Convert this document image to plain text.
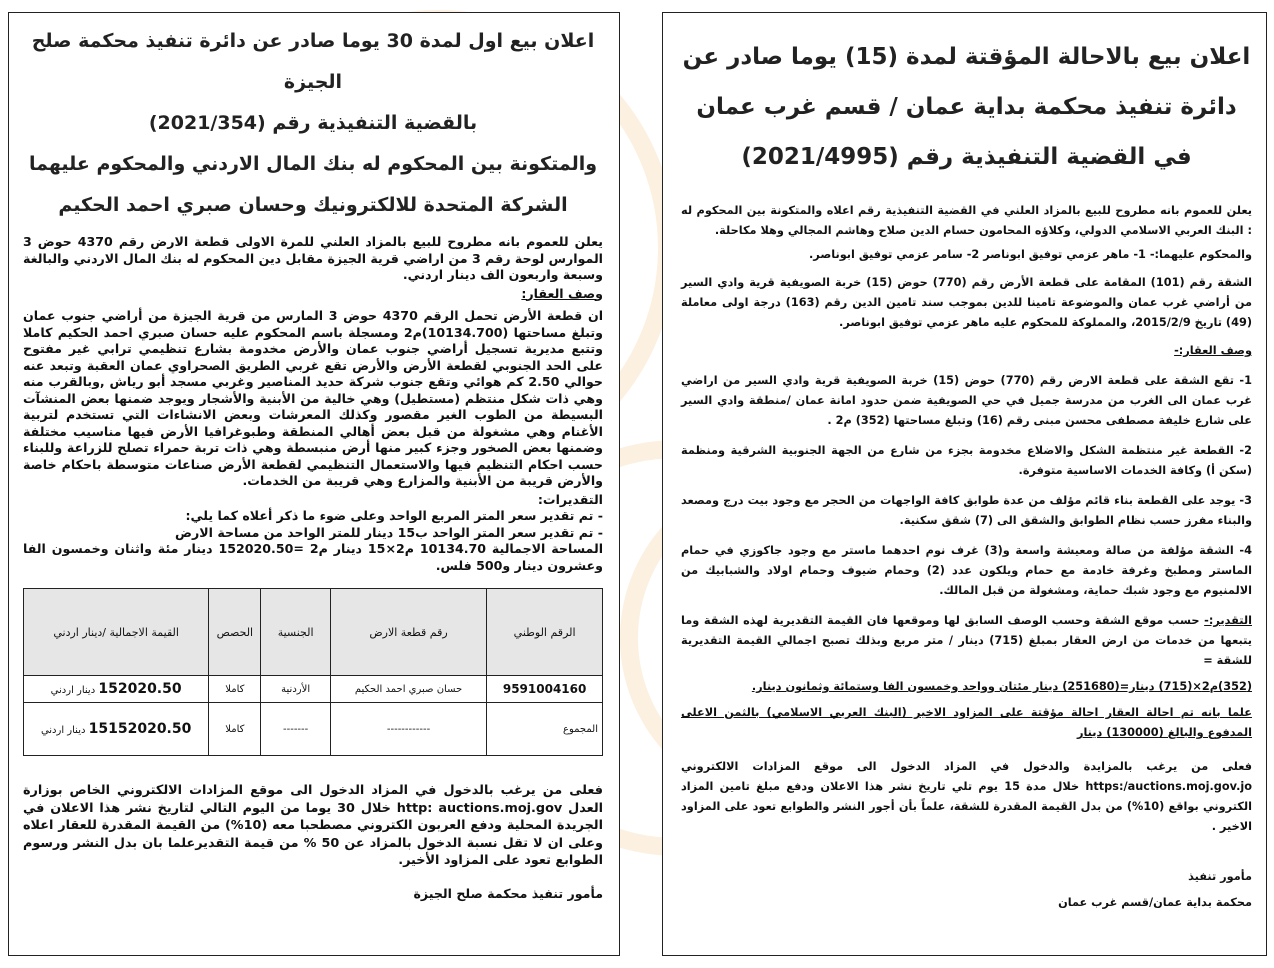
اعلان بيع اول لمدة 30 يوما صادر عن دائرة تنفيذ محكمة صلح الجيزة
بالقضية التنفيذية رقم (2021/354)
والمتكونة بين المحكوم له بنك المال الاردني والمحكوم عليهما
الشركة المتحدة للالكترونيك وحسان صبري احمد الحكيم

يعلن للعموم بانه مطروح للبيع بالمزاد العلني للمرة الاولى قطعة الارض رقم 4370 حوض 3 الموارس لوحة رقم 3 من اراضي قرية الجيزة مقابل دين المحكوم له بنك المال الاردني والبالغة وسبعة واربعون الف دينار اردني.

وصف العقار:

ان قطعة الأرض تحمل الرقم 4370 حوض 3 المارس من قرية الجيزة من أراضي جنوب عمان وتبلغ مساحتها (10134.700)م2 ومسجلة باسم المحكوم عليه حسان صبري احمد الحكيم كاملا وتتبع مديرية تسجيل أراضي جنوب عمان والأرض مخدومة بشارع تنظيمي ترابي غير مفتوح على الحد الجنوبي لقطعة الأرض والأرض تقع غربي الطريق الصحراوي عمان العقبة وتبعد عنه حوالي 2.50 كم هوائي وتقع جنوب شركة حديد المناصير وغربي مسجد أبو رياش ,وبالقرب منه وهي ذات شكل منتظم (مستطيل) وهي خالية من الأبنية والأشجار ويوجد ضمنها بعض المنشآت البسيطة من الطوب الغير مقصور وكذلك المعرشات وبعض الانشاءات التي تستخدم لتربية الأغنام وهي مشغولة من قبل بعض أهالي المنطقة وطبوغرافيا الأرض فيها مناسيب مختلفة وضمنها بعض الصخور وجزء كبير منها أرض منبسطة وهي ذات تربة حمراء تصلح للزراعة وللبناء حسب احكام التنظيم فيها والاستعمال التنظيمي لقطعة الأرض صناعات متوسطة باحكام خاصة والأرض قريبة من الأبنية والمزارع وهي قريبة من الخدمات.

التقديرات:

- تم تقدير سعر المتر المربع الواحد وعلى ضوء ما ذكر أعلاه كما يلي:

- تم تقدير سعر المتر الواحد ب15 دينار للمتر الواحد من مساحة الارض

المساحة الاجمالية 10134.70 م2×15 دينار م2 =152020.50 دينار مئة واثنان وخمسون الفا وعشرون دينار و500 فلس.

الرقم الوطني	رقم قطعة الارض	الجنسية	الحصص	القيمة الاجمالية /دينار اردني
9591004160	حسان صبري احمد الحكيم	الأردنية	كاملا	152020.50 دينار اردني
المجموع	------------	-------	كاملا	15152020.50 دينار اردني

فعلى من يرغب بالدخول في المزاد الدخول الى موقع المزادات الالكتروني الخاص بوزارة العدل http: auctions.moj.gov خلال 30 يوما من اليوم التالي لتاريخ نشر هذا الاعلان في الجريدة المحلية ودفع العربون الكتروني مصطحبا معه (10%) من القيمة المقدرة للعقار اعلاه وعلى ان لا تقل نسبة الدخول بالمزاد عن 50 % من قيمة التقديرعلما بان بدل النشر ورسوم الطوابع تعود على المزاود الأخير.

مأمور تنفيذ محكمة صلح الجيزة

اعلان بيع بالاحالة المؤقتة لمدة (15) يوما صادر عن
دائرة تنفيذ محكمة بداية عمان / قسم غرب عمان
في القضية التنفيذية رقم (2021/4995)

يعلن للعموم بانه مطروح للبيع بالمزاد العلني في القضية التنفيذية رقم اعلاه والمتكونة بين المحكوم له : البنك العربي الاسلامي الدولي، وكلاؤه المحامون حسام الدين صلاح وهاشم المجالي وهلا مكاحلة.

والمحكوم عليهما:- 1- ماهر عزمي توفيق ابوناصر 2- سامر عزمي توفيق ابوناصر.

الشقة رقم (101) المقامة على قطعة الأرض رقم (770) حوض (15) خربة الصويفية قرية وادي السير من أراضي غرب عمان والموضوعة تامينا للدين بموجب سند تامين الدين رقم (163) درجة اولى معاملة (49) تاريخ 2015/2/9، والمملوكة للمحكوم عليه ماهر عزمي توفيق ابوناصر.

وصف العقار:-

1- تقع الشقة على قطعة الارض رقم (770) حوض (15) خربة الصويفية قرية وادي السير من اراضي غرب عمان الى الغرب من مدرسة جميل في حي الصويفية ضمن حدود امانة عمان /منطقة وادي السير على شارع خليفة مصطفى محسن مبنى رقم (16) وتبلغ مساحتها (352) م2 .

2- القطعة غير منتظمة الشكل والاضلاع مخدومة بجزء من شارع من الجهة الجنوبية الشرقية ومنظمة (سكن أ) وكافة الخدمات الاساسية متوفرة.

3- يوجد على القطعة بناء قائم مؤلف من عدة طوابق كافة الواجهات من الحجر مع وجود بيت درج ومصعد والبناء مفرز حسب نظام الطوابق والشقق الى (7) شقق سكنية.

4- الشقة مؤلفة من صالة ومعيشة واسعة و(3) غرف نوم احدهما ماستر مع وجود جاكوزي في حمام الماستر ومطبخ وغرفة خادمة مع حمام ويلكون عدد (2) وحمام ضيوف وحمام اولاد والشبابيك من الالمنيوم مع وجود شبك حماية، ومشغولة من قبل المالك.

التقدير:- حسب موقع الشقة وحسب الوصف السابق لها وموقعها فان القيمة التقديرية لهذه الشقة وما يتبعها من خدمات من ارض العقار بمبلغ (715) دينار / متر مربع وبذلك تصبح اجمالي القيمة التقديرية للشقة =

(352)م2×(715) دينار=(251680) دينار مئتان وواحد وخمسون الفا وستمائة وثمانون دينار.

علما بانه تم احالة العقار احالة مؤقتة على المزاود الاخير (البنك العربي الاسلامي) بالثمن الاعلى المدفوع والبالغ (130000) دينار

فعلى من يرغب بالمزايدة والدخول في المزاد الدخول الى موقع المزادات الالكتروني https:/auctions.moj.gov.jo خلال مدة 15 يوم تلي تاريخ نشر هذا الاعلان ودفع مبلغ تامين المزاد الكتروني بواقع (10%) من بدل القيمة المقدرة للشقة، علماً بأن أجور النشر والطوابع تعود على المزاود الاخير .

مأمور تنفيذ

محكمة بداية عمان/قسم غرب عمان
